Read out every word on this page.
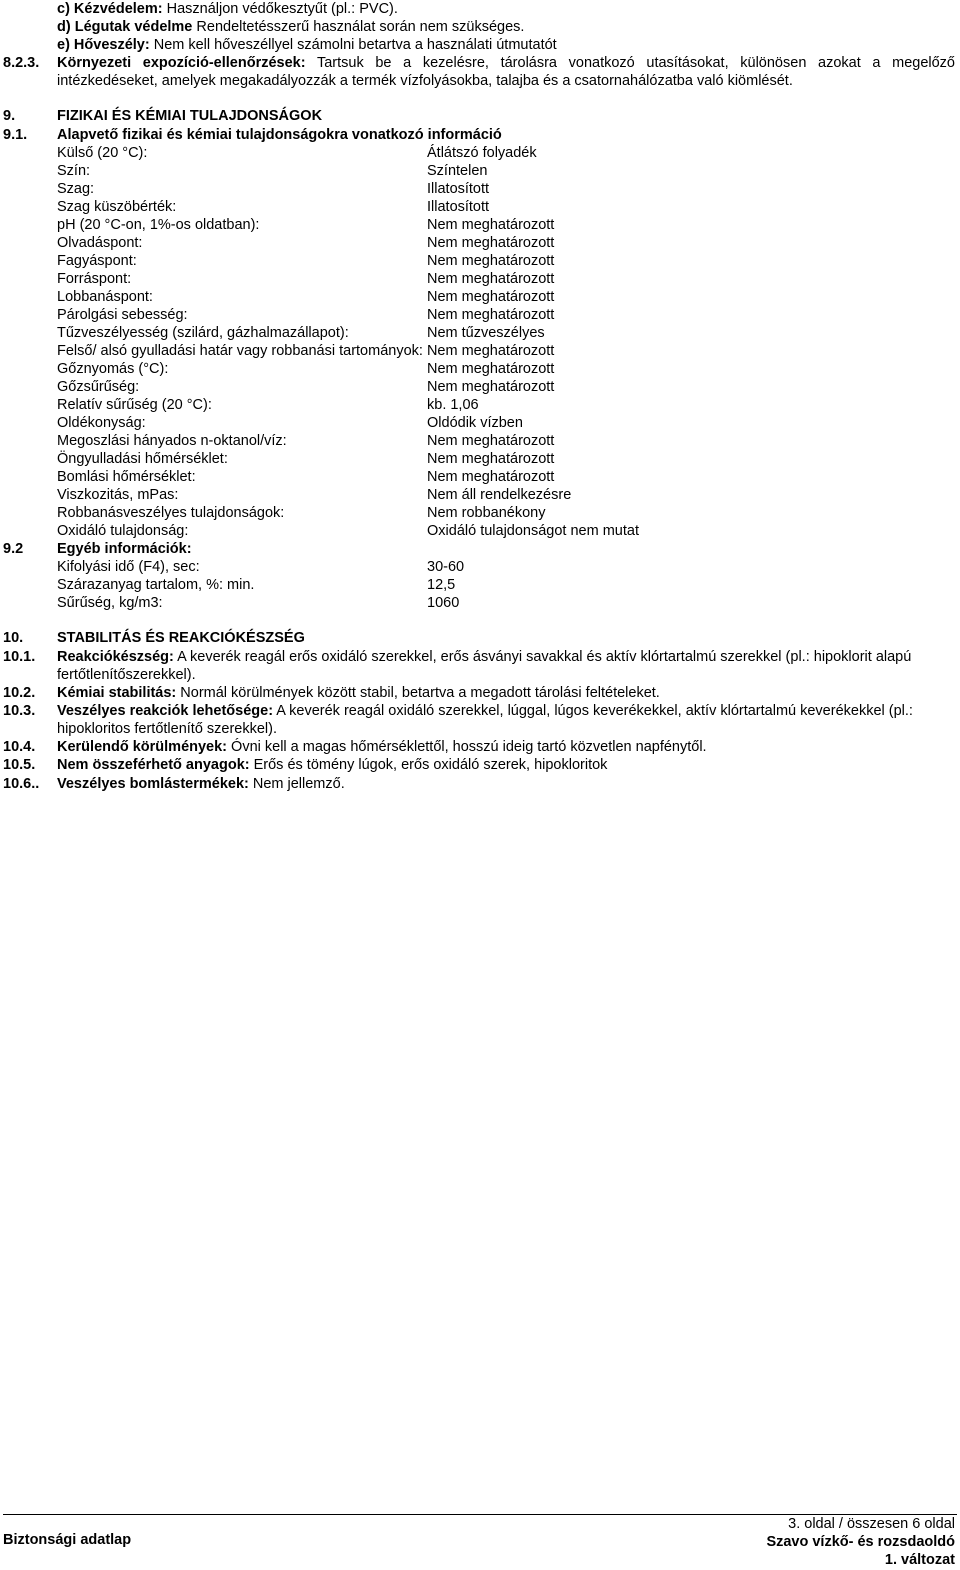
c) Kézvédelem: Használjon védőkesztyűt (pl.: PVC).
d) Légutak védelme Rendeltetésszerű használat során nem szükséges.
e) Hőveszély: Nem kell hőveszéllyel számolni betartva a használati útmutatót
8.2.3. Környezeti expozíció-ellenőrzések: Tartsuk be a kezelésre, tárolásra vonatkozó utasításokat, különösen azokat a megelőző
intézkedéseket, amelyek megakadályozzák a termék vízfolyásokba, talajba és a csatornahálózatba való kiömlését.
9.	FIZIKAI ÉS KÉMIAI TULAJDONSÁGOK
9.1. Alapvető fizikai és kémiai tulajdonságokra vonatkozó információ
Külső (20 °C):	Átlátszó folyadék
Szín:	Színtelen
Szag:	Illatosított
Szag küszöbérték:	Illatosított
pH (20 °C-on, 1%-os oldatban):	Nem meghatározott
Olvadáspont:	Nem meghatározott
Fagyáspont:	Nem meghatározott
Forráspont:	Nem meghatározott
Lobbanáspont:	Nem meghatározott
Párolgási sebesség:	Nem meghatározott
Tűzveszélyesség (szilárd, gázhalmazállapot):	Nem tűzveszélyes
Felső/ alsó gyulladási határ vagy robbanási tartományok: Nem meghatározott
Gőznyomás (°C):	Nem meghatározott
Gőzsűrűség:	Nem meghatározott
Relatív sűrűség (20 °C):	kb. 1,06
Oldékonyság:	Oldódik vízben
Megoszlási hányados n-oktanol/víz:	Nem meghatározott
Öngyulladási hőmérséklet:	Nem meghatározott
Bomlási hőmérséklet:	Nem meghatározott
Viszkozitás, mPas:	Nem áll rendelkezésre
Robbanásveszélyes tulajdonságok:	Nem robbanékony
Oxidáló tulajdonság:	Oxidáló tulajdonságot nem mutat
9.2 Egyéb információk:
Kifolyási idő (F4), sec:	30-60
Szárazanyag tartalom, %: min.	12,5
Sűrűség, kg/m3:	1060
10. STABILITÁS ÉS REAKCIÓKÉSZSÉG
10.1. Reakciókészség: A keverék reagál erős oxidáló szerekkel, erős ásványi savakkal és aktív klórtartalmú szerekkel (pl.: hipoklorit alapú
fertőtlenítőszerekkel).
10.2. Kémiai stabilitás: Normál körülmények között stabil, betartva a megadott tárolási feltételeket.
10.3. Veszélyes reakciók lehetősége: A keverék reagál oxidáló szerekkel, lúggal, lúgos keverékekkel, aktív klórtartalmú keverékekkel (pl.:
hipokloritos fertőtlenítő szerekkel).
10.4. Kerülendő körülmények: Óvni kell a magas hőmérséklettől, hosszú ideig tartó közvetlen napfénytől.
10.5. Nem összeférhető anyagok: Erős és tömény lúgok, erős oxidáló szerek, hipokloritok
10.6.. Veszélyes bomlástermékek: Nem jellemző.
Biztonsági adatlap
3. oldal / összesen 6 oldal
Szavo vízkő- és rozsdaoldó
1. változat
